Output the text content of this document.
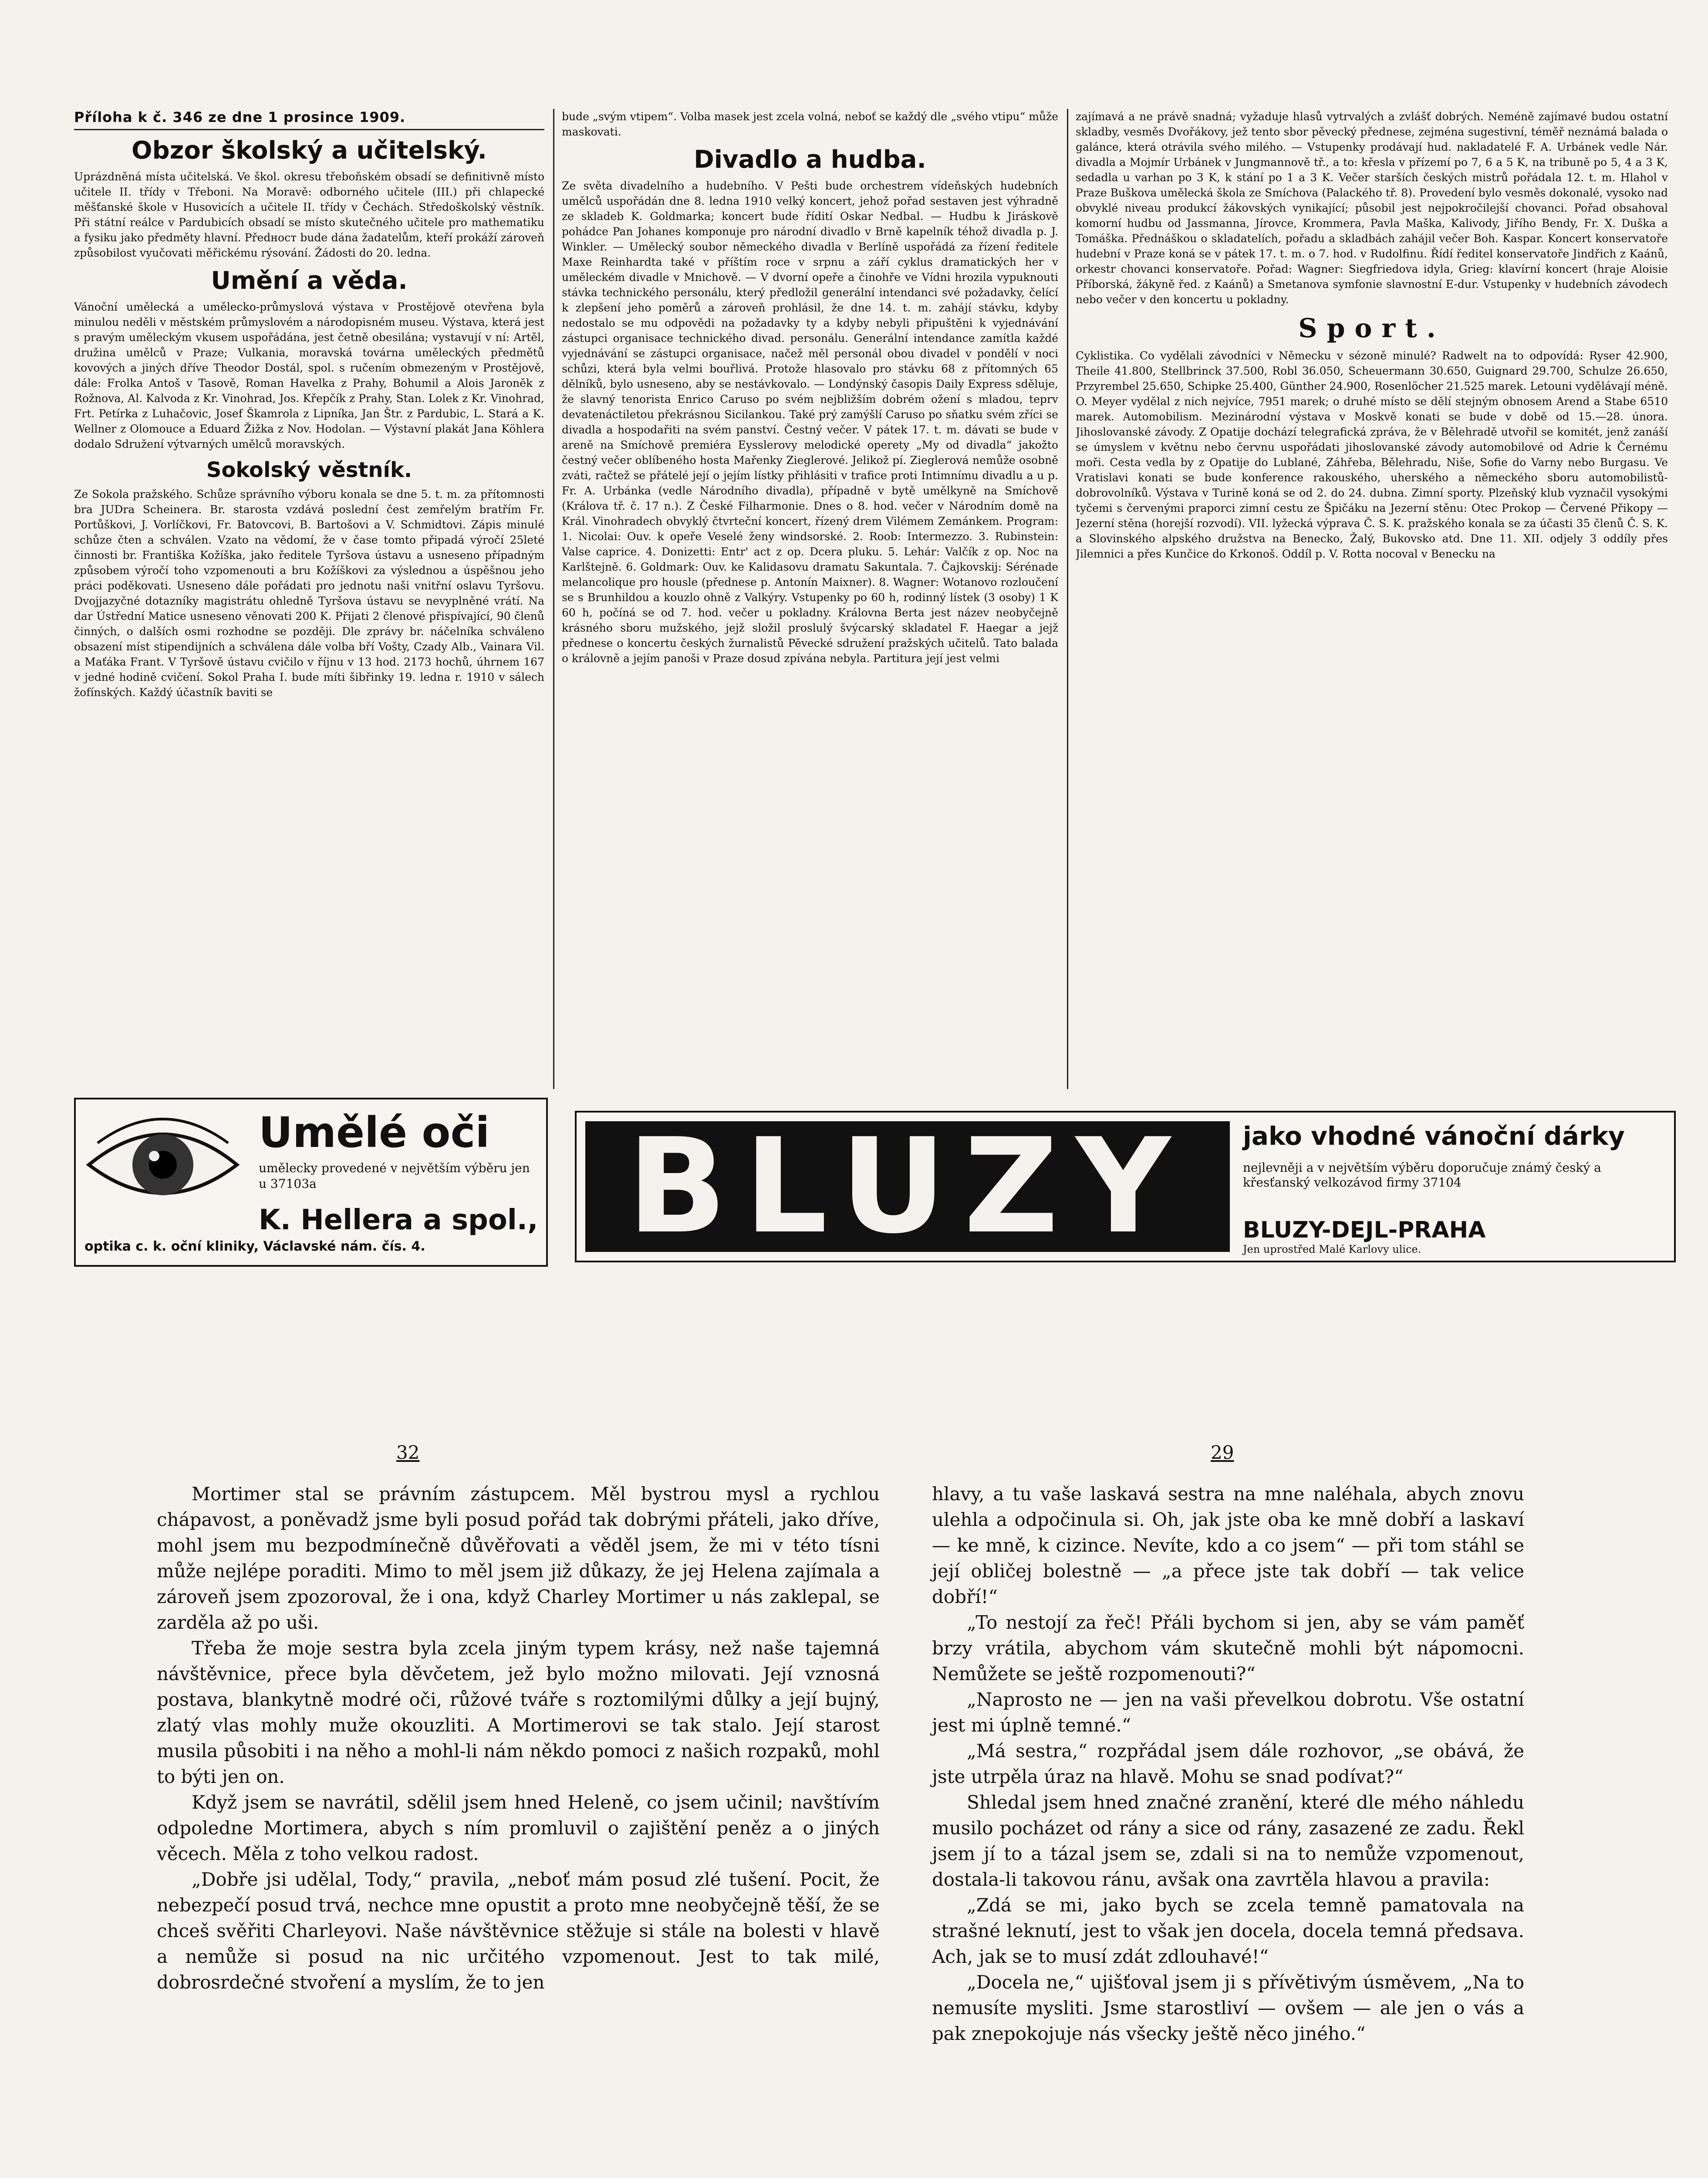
Příloha k č. 346 ze dne 1 prosince 1909.
Obzor školský a učitelský.

Uprázdněná místa učitelská. Ve škol. okresu třeboňském obsadí se definitivně místo učitele II. třídy v Třeboni. Na Moravě: odborného učitele (III.) při chlapecké měšťanské škole v Husovicích a učitele II. třídy v Čechách. Středoškolský věstník. Při státní reálce v Pardubicích obsadí se místo skutečného učitele pro mathematiku a fysiku jako předměty hlavní. Předност bude dána žadatelům, kteří prokáží zároveň způsobilost vyučovati měřickému rýsování. Žádosti do 20. ledna.

Umění a věda.

Vánoční umělecká a umělecko-průmyslová výstava v Prostějově otevřena byla minulou neděli v městském průmyslovém a národopisném museu. Výstava, která jest s pravým uměleckým vkusem uspořádána, jest četně obesilána; vystavují v ní: Artěl, družina umělců v Praze; Vulkania, moravská továrna uměleckých předmětů kovových a jiných dříve Theodor Dostál, spol. s ručením obmezeným v Prostějově, dále: Frolka Antoš v Tasově, Roman Havelka z Prahy, Bohumil a Alois Jaroněk z Rožnova, Al. Kalvoda z Kr. Vinohrad, Jos. Křepčík z Prahy, Stan. Lolek z Kr. Vinohrad, Frt. Petírka z Luhačovic, Josef Škamrola z Lipníka, Jan Štr. z Pardubic, L. Stará a K. Wellner z Olomouce a Eduard Žižka z Nov. Hodolan. — Výstavní plakát Jana Köhlera dodalo Sdružení výtvarných umělců moravských.

Sokolský věstník.

Ze Sokola pražského. Schůze správního výboru konala se dne 5. t. m. za přítomnosti bra JUDra Scheinera. Br. starosta vzdává poslední čest zemřelým bratřím Fr. Portůškovi, J. Vorlíčkovi, Fr. Batovcovi, B. Bartošovi a V. Schmidtovi. Zápis minulé schůze čten a schválen. Vzato na vědomí, že v čase tomto připadá výročí 25leté činnosti br. Františka Kožíška, jako ředitele Tyršova ústavu a usneseno případným způsobem výročí toho vzpomenouti a bru Kožíškovi za výslednou a úspěšnou jeho práci poděkovati. Usneseno dále pořádati pro jednotu naši vnitřní oslavu Tyršovu. Dvojjazyčné dotazníky magistrátu ohledně Tyršova ústavu se nevyplněné vrátí. Na dar Ústřední Matice usneseno věnovati 200 K. Přijati 2 členové přispívající, 90 členů činných, o dalších osmi rozhodne se později. Dle zprávy br. náčelníka schváleno obsazení míst stipendijních a schválena dále volba bří Vošty, Czady Alb., Vainara Vil. a Maťáka Frant. V Tyršově ústavu cvičilo v říjnu v 13 hod. 2173 hochů, úhrnem 167 v jedné hodině cvičení. Sokol Praha I. bude míti šibřinky 19. ledna r. 1910 v sálech žofínských. Každý účastník baviti se

bude „svým vtipem“. Volba masek jest zcela volná, neboť se každý dle „svého vtipu“ může maskovati.

Divadlo a hudba.

Ze světa divadelního a hudebního. V Pešti bude orchestrem vídeňských hudebních umělců uspořádán dne 8. ledna 1910 velký koncert, jehož pořad sestaven jest výhradně ze skladeb K. Goldmarka; koncert bude řídití Oskar Nedbal. — Hudbu k Jiráskově pohádce Pan Johanes komponuje pro národní divadlo v Brně kapelník téhož divadla p. J. Winkler. — Umělecký soubor německého divadla v Berlíně uspořádá za řízení ředitele Maxe Reinhardta také v příštím roce v srpnu a září cyklus dramatických her v uměleckém divadle v Mnichově. — V dvorní opeře a činohře ve Vídni hrozila vypuknouti stávka technického personálu, který předložil generální intendanci své požadavky, čelící k zlepšení jeho poměrů a zároveň prohlásil, že dne 14. t. m. zahájí stávku, kdyby nedostalo se mu odpovědi na požadavky ty a kdyby nebyli připuštěni k vyjednávání zástupci organisace technického divad. personálu. Generální intendance zamítla každé vyjednávání se zástupci organisace, načež měl personál obou divadel v pondělí v noci schůzi, která byla velmi bouřlivá. Protože hlasovalo pro stávku 68 z přítomných 65 dělníků, bylo usneseno, aby se nestávkovalo. — Londýnský časopis Daily Express sděluje, že slavný tenorista Enrico Caruso po svém nejbližším dobrém ožení s mladou, teprv devatenáctiletou překrásnou Sicilankou. Také prý zamýšlí Caruso po sňatku svém zříci se divadla a hospodařiti na svém panství. Čestný večer. V pátek 17. t. m. dávati se bude v areně na Smíchově premiéra Eysslerovy melodické operety „My od divadla“ jakožto čestný večer oblíbeného hosta Mařenky Zieglerové. Jelikož pí. Zieglerová nemůže osobně zváti, račtež se přátelé její o jejím lístky přihlásiti v trafice proti Intimnímu divadlu a u p. Fr. A. Urbánka (vedle Národního divadla), případně v bytě umělkyně na Smíchově (Králova tř. č. 17 n.). Z České Filharmonie. Dnes o 8. hod. večer v Národním domě na Král. Vinohradech obvyklý čtvrteční koncert, řízený drem Vilémem Zemánkem. Program: 1. Nicolai: Ouv. k opeře Veselé ženy windsorské. 2. Roob: Intermezzo. 3. Rubinstein: Valse caprice. 4. Donizetti: Entr' act z op. Dcera pluku. 5. Lehár: Valčík z op. Noc na Karlštejně. 6. Goldmark: Ouv. ke Kalidasovu dramatu Sakuntala. 7. Čajkovskij: Sérénade melancolique pro housle (přednese p. Antonín Maixner). 8. Wagner: Wotanovo rozloučení se s Brunhildou a kouzlo ohně z Valkýry. Vstupenky po 60 h, rodinný lístek (3 osoby) 1 K 60 h, počíná se od 7. hod. večer u pokladny. Královna Berta jest název neobyčejně krásného sboru mužského, jejž složil proslulý švýcarský skladatel F. Haegar a jejž přednese o koncertu českých žurnalistů Pěvecké sdružení pražských učitelů. Tato balada o královně a jejím panoši v Praze dosud zpívána nebyla. Partitura její jest velmi

zajímavá a ne právě snadná; vyžaduje hlasů vytrvalých a zvlášť dobrých. Neméně zajímavé budou ostatní skladby, vesměs Dvořákovy, jež tento sbor pěvecký přednese, zejména sugestivní, téměř neznámá balada o galánce, která otrávila svého milého. — Vstupenky prodávají hud. nakladatelé F. A. Urbánek vedle Nár. divadla a Mojmír Urbánek v Jungmannově tř., a to: křesla v přízemí po 7, 6 a 5 K, na tribuně po 5, 4 a 3 K, sedadla u varhan po 3 K, k stání po 1 a 3 K. Večer starších českých mistrů pořádala 12. t. m. Hlahol v Praze Buškova umělecká škola ze Smíchova (Palackého tř. 8). Provedení bylo vesměs dokonalé, vysoko nad obvyklé niveau produkcí žákovských vynikající; působil jest nejpokročilejší chovanci. Pořad obsahoval komorní hudbu od Jassmanna, Jírovce, Krommera, Pavla Maška, Kalivody, Jiřího Bendy, Fr. X. Duška a Tomáška. Přednáškou o skladatelích, pořadu a skladbách zahájil večer Boh. Kaspar. Koncert konservatoře hudební v Praze koná se v pátek 17. t. m. o 7. hod. v Rudolfinu. Řídí ředitel konservatoře Jindřich z Kaánů, orkestr chovanci konservatoře. Pořad: Wagner: Siegfriedova idyla, Grieg: klavírní koncert (hraje Aloisie Příborská, žákyně řed. z Kaánů) a Smetanova symfonie slavnostní E-dur. Vstupenky v hudebních závodech nebo večer v den koncertu u pokladny.

Sport.

Cyklistika. Co vydělali závodníci v Německu v sézoně minulé? Radwelt na to odpovídá: Ryser 42.900, Theile 41.800, Stellbrinck 37.500, Robl 36.050, Scheuermann 30.650, Guignard 29.700, Schulze 26.650, Przyrembel 25.650, Schipke 25.400, Günther 24.900, Rosenlöcher 21.525 marek. Letouni vydělávají méně. O. Meyer vydělal z nich nejvíce, 7951 marek; o druhé místo se dělí stejným obnosem Arend a Stabe 6510 marek. Automobilism. Mezinárodní výstava v Moskvě konati se bude v době od 15.—28. února. Jihoslovanské závody. Z Opatije dochází telegrafická zpráva, že v Bělehradě utvořil se komitét, jenž zanáší se úmyslem v květnu nebo červnu uspořádati jihoslovanské závody automobilové od Adrie k Černému moři. Cesta vedla by z Opatije do Lublané, Záhřeba, Bělehradu, Niše, Sofie do Varny nebo Burgasu. Ve Vratislavi konati se bude konference rakouského, uherského a německého sboru automobilistů-dobrovolníků. Výstava v Turině koná se od 2. do 24. dubna. Zimní sporty. Plzeňský klub vyznačil vysokými tyčemi s červenými praporci zimní cestu ze Špičáku na Jezerní stěnu: Otec Prokop — Červené Přikopy — Jezerní stěna (horejší rozvodí). VII. lyžecká výprava Č. S. K. pražského konala se za účasti 35 členů Č. S. K. a Slovinského alpského družstva na Benecko, Žalý, Bukovsko atd. Dne 11. XII. odjely 3 oddíly přes Jilemnici a přes Kunčice do Krkonoš. Oddíl p. V. Rotta nocoval v Benecku na

Umělé oči
umělecky provedené v největším výběru jen u 37103a
K. Hellera a spol.,
optika c. k. oční kliniky, Václavské nám. čís. 4.	BLUZY	jako vhodné vánoční dárky
nejlevněji a v největším výběru doporučuje známý český a křesťanský velkozávod firmy 37104
BLUZY-DEJL-PRAHA
Jen uprostřed Malé Karlovy ulice.
32	29

Mortimer stal se právním zástupcem. Měl bystrou mysl a rychlou chápavost, a poněvadž jsme byli posud pořád tak dobrými přáteli, jako dříve, mohl jsem mu bezpodmínečně důvěřovati a věděl jsem, že mi v této tísni může nejlépe poraditi. Mimo to měl jsem již důkazy, že jej Helena zajímala a zároveň jsem zpozoroval, že i ona, když Charley Mortimer u nás zaklepal, se zarděla až po uši.

Třeba že moje sestra byla zcela jiným typem krásy, než naše tajemná návštěvnice, přece byla děvčetem, jež bylo možno milovati. Její vznosná postava, blankytně modré oči, růžové tváře s roztomilými důlky a její bujný, zlatý vlas mohly muže okouzliti. A Mortimerovi se tak stalo. Její starost musila působiti i na něho a mohl-li nám někdo pomoci z našich rozpaků, mohl to býti jen on.

Když jsem se navrátil, sdělil jsem hned Heleně, co jsem učinil; navštívím odpoledne Mortimera, abych s ním promluvil o zajištění peněz a o jiných věcech. Měla z toho velkou radost.

„Dobře jsi udělal, Tody,“ pravila, „neboť mám posud zlé tušení. Pocit, že nebezpečí posud trvá, nechce mne opustit a proto mne neobyčejně těší, že se chceš svěřiti Charleyovi. Naše návštěvnice stěžuje si stále na bolesti v hlavě a nemůže si posud na nic určitého vzpomenout. Jest to tak milé, dobrosrdečné stvoření a myslím, že to jen

hlavy, a tu vaše laskavá sestra na mne naléhala, abych znovu ulehla a odpočinula si. Oh, jak jste oba ke mně dobří a laskaví — ke mně, k cizince. Nevíte, kdo a co jsem“ — při tom stáhl se její obličej bolestně — „a přece jste tak dobří — tak velice dobří!“

„To nestojí za řeč! Přáli bychom si jen, aby se vám paměť brzy vrátila, abychom vám skutečně mohli být nápomocni. Nemůžete se ještě rozpomenouti?“

„Naprosto ne — jen na vaši převelkou dobrotu. Vše ostatní jest mi úplně temné.“

„Má sestra,“ rozpřádal jsem dále rozhovor, „se obává, že jste utrpěla úraz na hlavě. Mohu se snad podívat?“

Shledal jsem hned značné zranění, které dle mého náhledu musilo pocházet od rány a sice od rány, zasazené ze zadu. Řekl jsem jí to a tázal jsem se, zdali si na to nemůže vzpomenout, dostala-li takovou ránu, avšak ona zavrtěla hlavou a pravila:

„Zdá se mi, jako bych se zcela temně pamatovala na strašné leknutí, jest to však jen docela, docela temná předsava. Ach, jak se to musí zdát zdlouhavé!“

„Docela ne,“ ujišťoval jsem ji s přívětivým úsměvem, „Na to nemusíte mysliti. Jsme starostliví — ovšem — ale jen o vás a pak znepokojuje nás všecky ještě něco jiného.“
